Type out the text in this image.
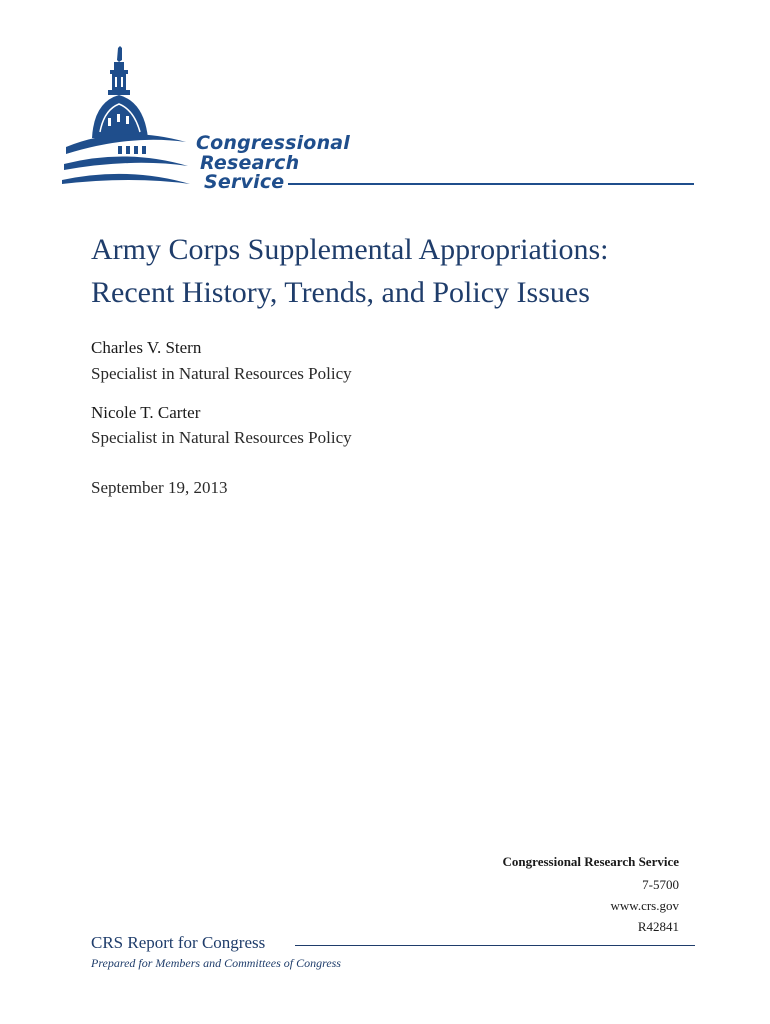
Congressional
Research
Service
Army Corps Supplemental Appropriations:
Recent History, Trends, and Policy Issues
Charles V. Stern
Specialist in Natural Resources Policy
Nicole T. Carter
Specialist in Natural Resources Policy
September 19, 2013
Congressional Research Service
7-5700
www.crs.gov
R42841
CRS Report for Congress
Prepared for Members and Committees of Congress
